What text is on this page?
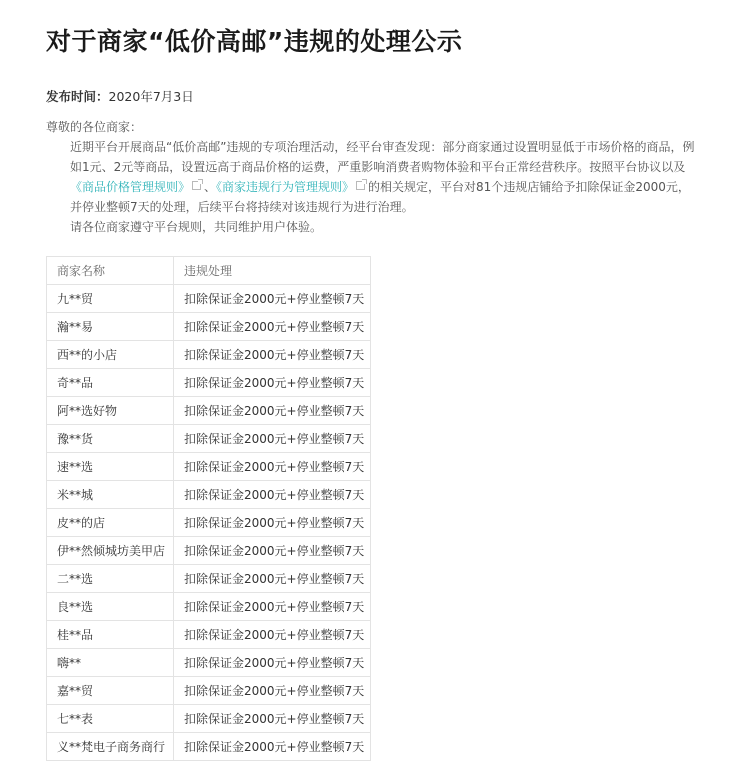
对于商家“低价高邮”违规的处理公示
发布时间：2020年7月3日

尊敬的各位商家：

近期平台开展商品“低价高邮”违规的专项治理活动，经平台审查发现：部分商家通过设置明显低于市场价格的商品，例如1元、2元等商品，设置远高于商品价格的运费，严重影响消费者购物体验和平台正常经营秩序。按照平台协议以及《商品价格管理规则》 、《商家违规行为管理规则》 的相关规定，平台对81个违规店铺给予扣除保证金2000元，并停业整顿7天的处理，后续平台将持续对该违规行为进行治理。

请各位商家遵守平台规则，共同维护用户体验。

商家名称	违规处理
九**贸	扣除保证金2000元+停业整顿7天
瀚**易	扣除保证金2000元+停业整顿7天
西**的小店	扣除保证金2000元+停业整顿7天
奇**品	扣除保证金2000元+停业整顿7天
阿**选好物	扣除保证金2000元+停业整顿7天
豫**货	扣除保证金2000元+停业整顿7天
速**选	扣除保证金2000元+停业整顿7天
米**城	扣除保证金2000元+停业整顿7天
皮**的店	扣除保证金2000元+停业整顿7天
伊**然倾城坊美甲店	扣除保证金2000元+停业整顿7天
二**选	扣除保证金2000元+停业整顿7天
良**选	扣除保证金2000元+停业整顿7天
桂**品	扣除保证金2000元+停业整顿7天
嗨**	扣除保证金2000元+停业整顿7天
嘉**贸	扣除保证金2000元+停业整顿7天
七**表	扣除保证金2000元+停业整顿7天
义**梵电子商务商行	扣除保证金2000元+停业整顿7天
